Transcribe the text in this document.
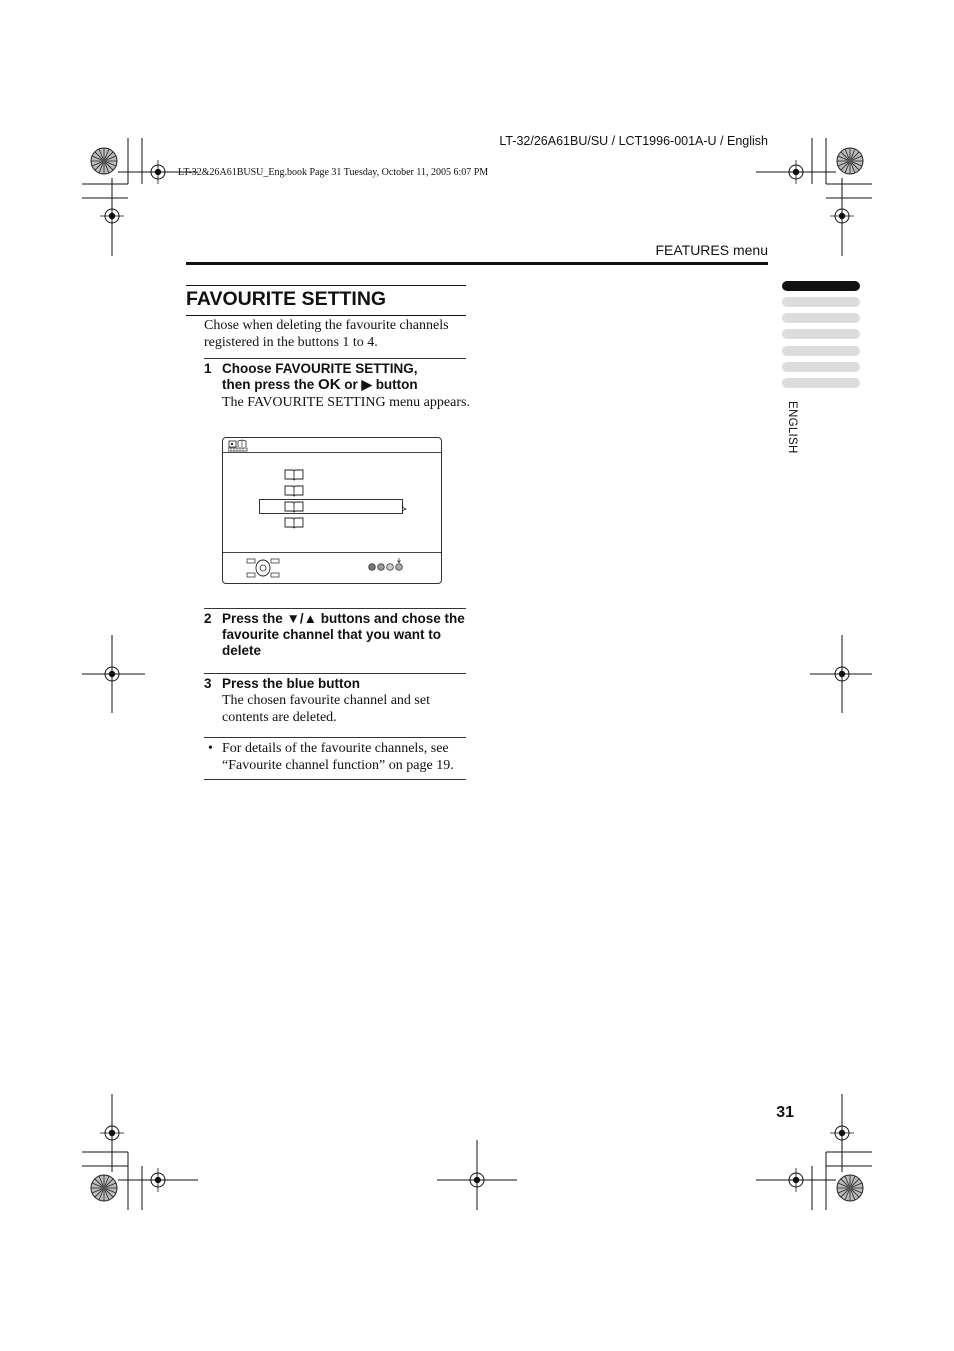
LT-32/26A61BU/SU / LCT1996-001A-U / English
LT-32&26A61BUSU_Eng.book Page 31 Tuesday, October 11, 2005 6:07 PM
FEATURES menu
ENGLISH
FAVOURITE SETTING
Chose when deleting the favourite channels registered in the buttons 1 to 4.
1 Choose FAVOURITE SETTING,
then press the OK or ▶ button
The FAVOURITE SETTING menu appears.
2 Press the ▼/▲ buttons and chose the favourite channel that you want to delete
3 Press the blue button
The chosen favourite channel and set contents are deleted.
• For details of the favourite channels, see “Favourite channel function” on page 19.
31
